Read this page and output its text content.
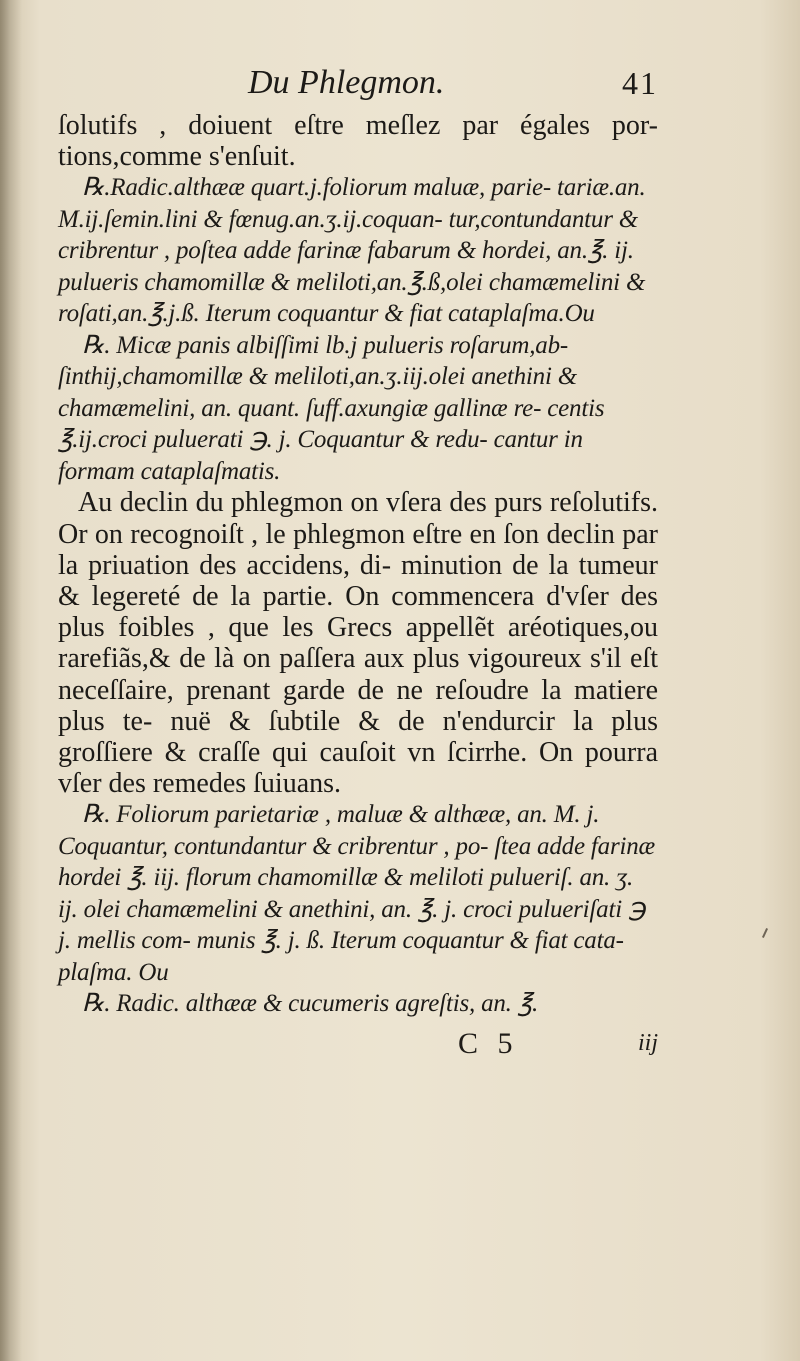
Du Phlegmon.	41

ſolutifs , doiuent eſtre meſlez par égales por- tions,comme s'enſuit.

℞.Radic.althææ quart.j.foliorum maluæ, parie- tariæ.an. M.ij.ſemin.lini & fœnug.an.ʒ.ij.coquan- tur,contundantur & cribrentur , poſtea adde farinæ fabarum & hordei, an.℥. ij. pulueris chamomillæ & meliloti,an.℥.ß,olei chamæmelini & roſati,an.℥.j.ß. Iterum coquantur & fiat cataplaſma.Ou

℞. Micæ panis albiſſimi lb.j pulueris roſarum,ab- ſinthij,chamomillæ & meliloti,an.ʒ.iij.olei anethini & chamæmelini, an. quant. ſuff.axungiæ gallinæ re- centis ℥.ij.croci puluerati ℈. j. Coquantur & redu- cantur in formam cataplaſmatis.

Au declin du phlegmon on vſera des purs reſolutifs. Or on recognoiſt , le phlegmon eſtre en ſon declin par la priuation des accidens, di- minution de la tumeur & legereté de la partie. On commencera d'vſer des plus foibles , que les Grecs appellẽt aréotiques,ou rarefiãs,& de là on paſſera aux plus vigoureux s'il eſt neceſſaire, prenant garde de ne reſoudre la matiere plus te- nuë & ſubtile & de n'endurcir la plus groſſiere & craſſe qui cauſoit vn ſcirrhe. On pourra vſer des remedes ſuiuans.

℞. Foliorum parietariæ , maluæ & althææ, an. M. j. Coquantur, contundantur & cribrentur , po- ſtea adde farinæ hordei ℥. iij. florum chamomillæ & meliloti pulueriſ. an. ʒ. ij. olei chamæmelini & anethini, an. ℥. j. croci pulueriſati ℈ j. mellis com- munis ℥. j. ß. Iterum coquantur & fiat cata- plaſma. Ou

℞. Radic. althææ & cucumeris agreſtis, an. ℥.

C 5	iij
